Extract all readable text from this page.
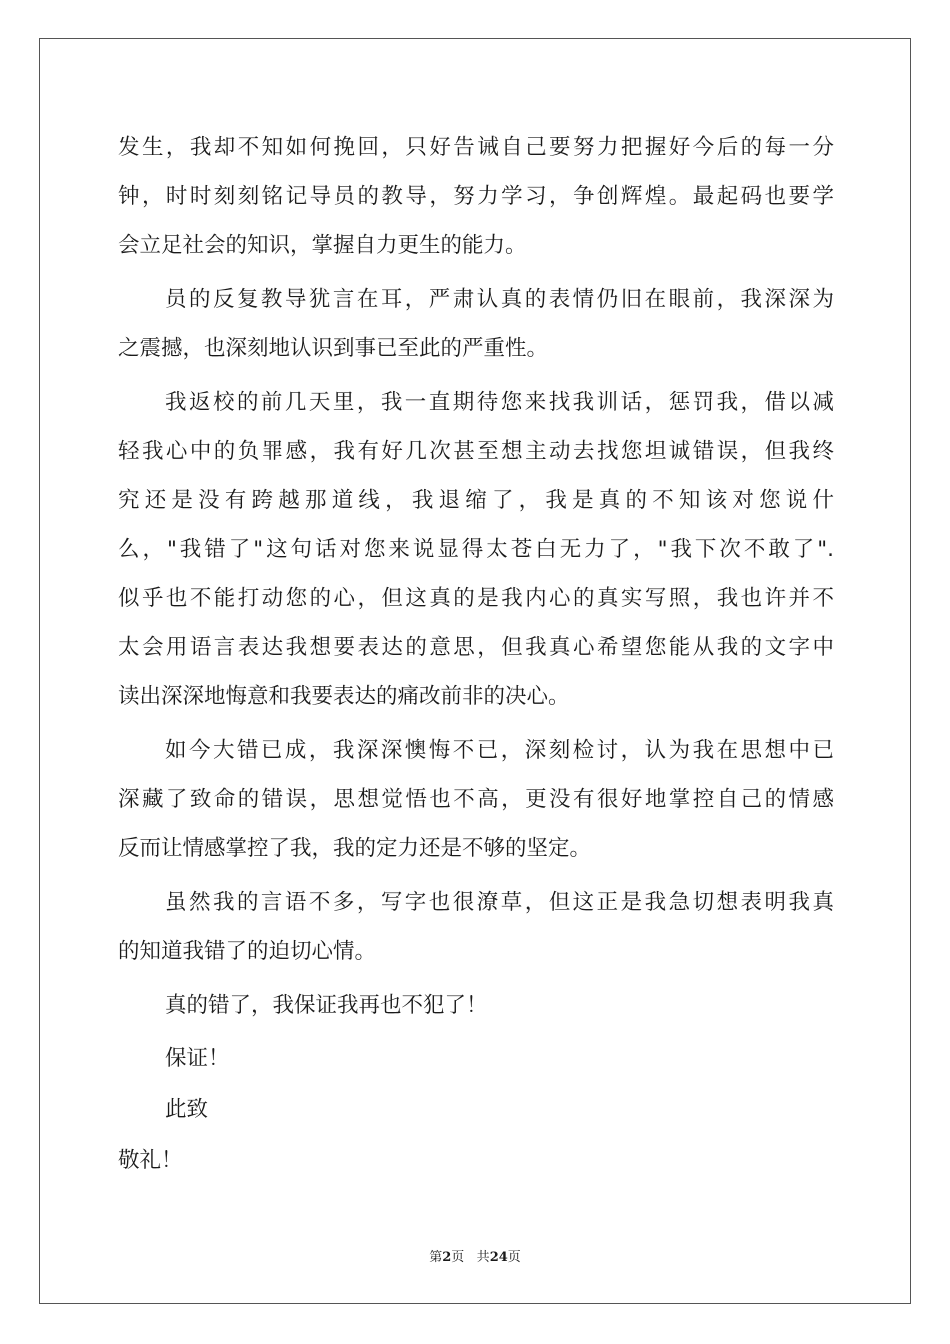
发生，我却不知如何挽回，只好告诫自己要努力把握好今后的每一分
钟，时时刻刻铭记导员的教导，努力学习，争创辉煌。最起码也要学
会立足社会的知识，掌握自力更生的能力。
员的反复教导犹言在耳，严肃认真的表情仍旧在眼前，我深深为
之震撼，也深刻地认识到事已至此的严重性。
我返校的前几天里，我一直期待您来找我训话，惩罚我，借以减
轻我心中的负罪感，我有好几次甚至想主动去找您坦诚错误，但我终
究还是没有跨越那道线，我退缩了，我是真的不知该对您说什
么，"我错了"这句话对您来说显得太苍白无力了，"我下次不敢了".
似乎也不能打动您的心，但这真的是我内心的真实写照，我也许并不
太会用语言表达我想要表达的意思，但我真心希望您能从我的文字中
读出深深地悔意和我要表达的痛改前非的决心。
如今大错已成，我深深懊悔不已，深刻检讨，认为我在思想中已
深藏了致命的错误，思想觉悟也不高，更没有很好地掌控自己的情感
反而让情感掌控了我，我的定力还是不够的坚定。
虽然我的言语不多，写字也很潦草，但这正是我急切想表明我真
的知道我错了的迫切心情。
真的错了，我保证我再也不犯了！
保证！
此致
敬礼！
第2页 共24页
